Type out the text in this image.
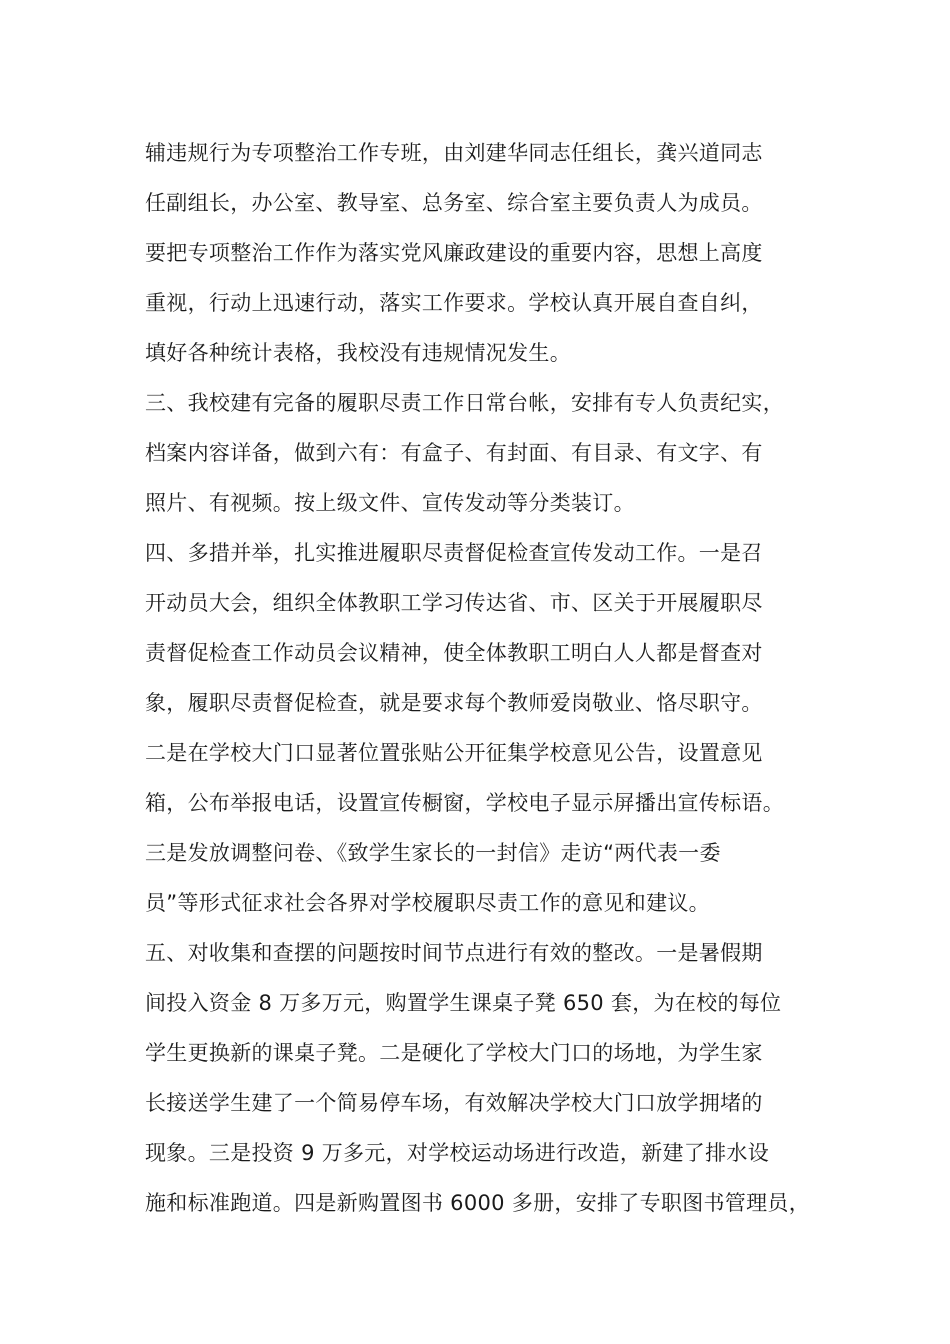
辅违规行为专项整治工作专班，由刘建华同志任组长，龚兴道同志
任副组长，办公室、教导室、总务室、综合室主要负责人为成员。
要把专项整治工作作为落实党风廉政建设的重要内容，思想上高度
重视，行动上迅速行动，落实工作要求。学校认真开展自查自纠，
填好各种统计表格，我校没有违规情况发生。
三、我校建有完备的履职尽责工作日常台帐，安排有专人负责纪实，
档案内容详备，做到六有：有盒子、有封面、有目录、有文字、有
照片、有视频。按上级文件、宣传发动等分类装订。
四、多措并举，扎实推进履职尽责督促检查宣传发动工作。一是召
开动员大会，组织全体教职工学习传达省、市、区关于开展履职尽
责督促检查工作动员会议精神，使全体教职工明白人人都是督查对
象，履职尽责督促检查，就是要求每个教师爱岗敬业、恪尽职守。
二是在学校大门口显著位置张贴公开征集学校意见公告，设置意见
箱，公布举报电话，设置宣传橱窗，学校电子显示屏播出宣传标语。
三是发放调整问卷、《致学生家长的一封信》走访“两代表一委
员”等形式征求社会各界对学校履职尽责工作的意见和建议。
五、对收集和查摆的问题按时间节点进行有效的整改。一是暑假期
间投入资金 8 万多万元，购置学生课桌子凳 650 套，为在校的每位
学生更换新的课桌子凳。二是硬化了学校大门口的场地，为学生家
长接送学生建了一个简易停车场，有效解决学校大门口放学拥堵的
现象。三是投资 9 万多元，对学校运动场进行改造，新建了排水设
施和标准跑道。四是新购置图书 6000 多册，安排了专职图书管理员，
